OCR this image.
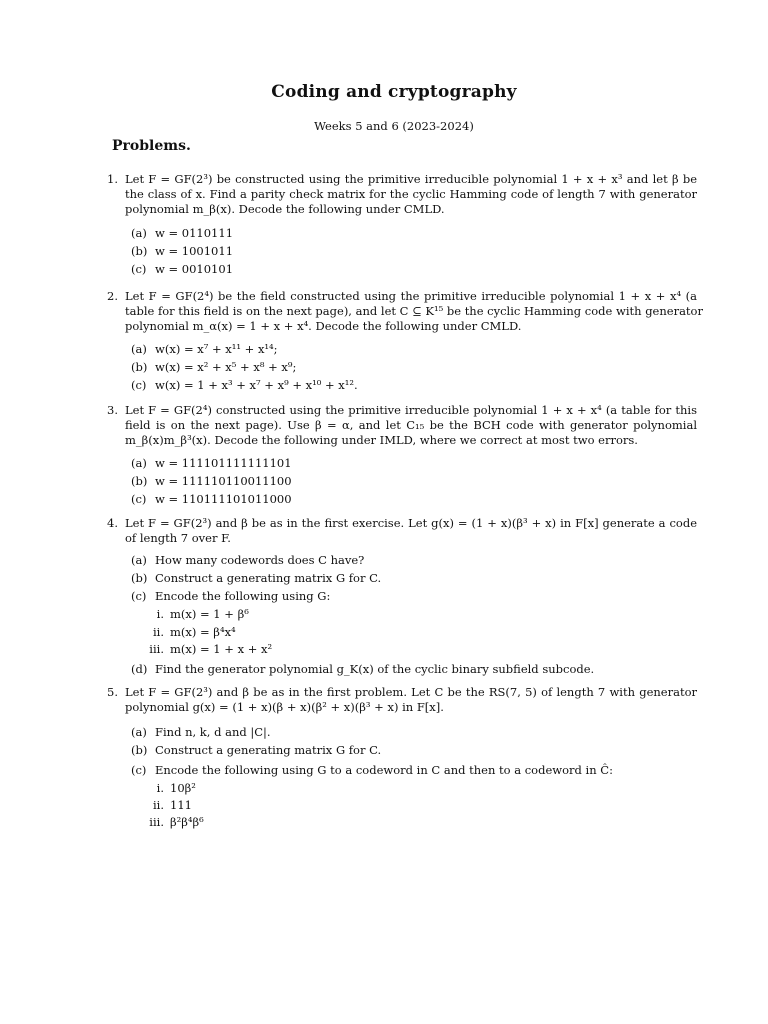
Coding and cryptography
Weeks 5 and 6 (2023-2024)
Problems.
1. Let F = GF(2³) be constructed using the primitive irreducible polynomial 1 + x + x³ and let β be
the class of x. Find a parity check matrix for the cyclic Hamming code of length 7 with generator
polynomial m_β(x). Decode the following under CMLD.
(a) w = 0110111
(b) w = 1001011
(c) w = 0010101
2. Let F = GF(2⁴) be the field constructed using the primitive irreducible polynomial 1 + x + x⁴ (a
table for this field is on the next page), and let C ⊆ K¹⁵ be the cyclic Hamming code with generator
polynomial m_α(x) = 1 + x + x⁴. Decode the following under CMLD.
(a) w(x) = x⁷ + x¹¹ + x¹⁴;
(b) w(x) = x² + x⁵ + x⁸ + x⁹;
(c) w(x) = 1 + x³ + x⁷ + x⁹ + x¹⁰ + x¹².
3. Let F = GF(2⁴) constructed using the primitive irreducible polynomial 1 + x + x⁴ (a table for this
field is on the next page). Use β = α, and let C₁₅ be the BCH code with generator polynomial
m_β(x)m_β³(x). Decode the following under IMLD, where we correct at most two errors.
(a) w = 111101111111101
(b) w = 111110110011100
(c) w = 110111101011000
4. Let F = GF(2³) and β be as in the first exercise. Let g(x) = (1 + x)(β³ + x) in F[x] generate a code
of length 7 over F.
(a) How many codewords does C have?
(b) Construct a generating matrix G for C.
(c) Encode the following using G:
i. m(x) = 1 + β⁶
ii. m(x) = β⁴x⁴
iii. m(x) = 1 + x + x²
(d) Find the generator polynomial g_K(x) of the cyclic binary subfield subcode.
5. Let F = GF(2³) and β be as in the first problem. Let C be the RS(7, 5) of length 7 with generator
polynomial g(x) = (1 + x)(β + x)(β² + x)(β³ + x) in F[x].
(a) Find n, k, d and |C|.
(b) Construct a generating matrix G for C.
(c) Encode the following using G to a codeword in C and then to a codeword in Ĉ:
i. 10β²
ii. 111
iii. β²β⁴β⁶
